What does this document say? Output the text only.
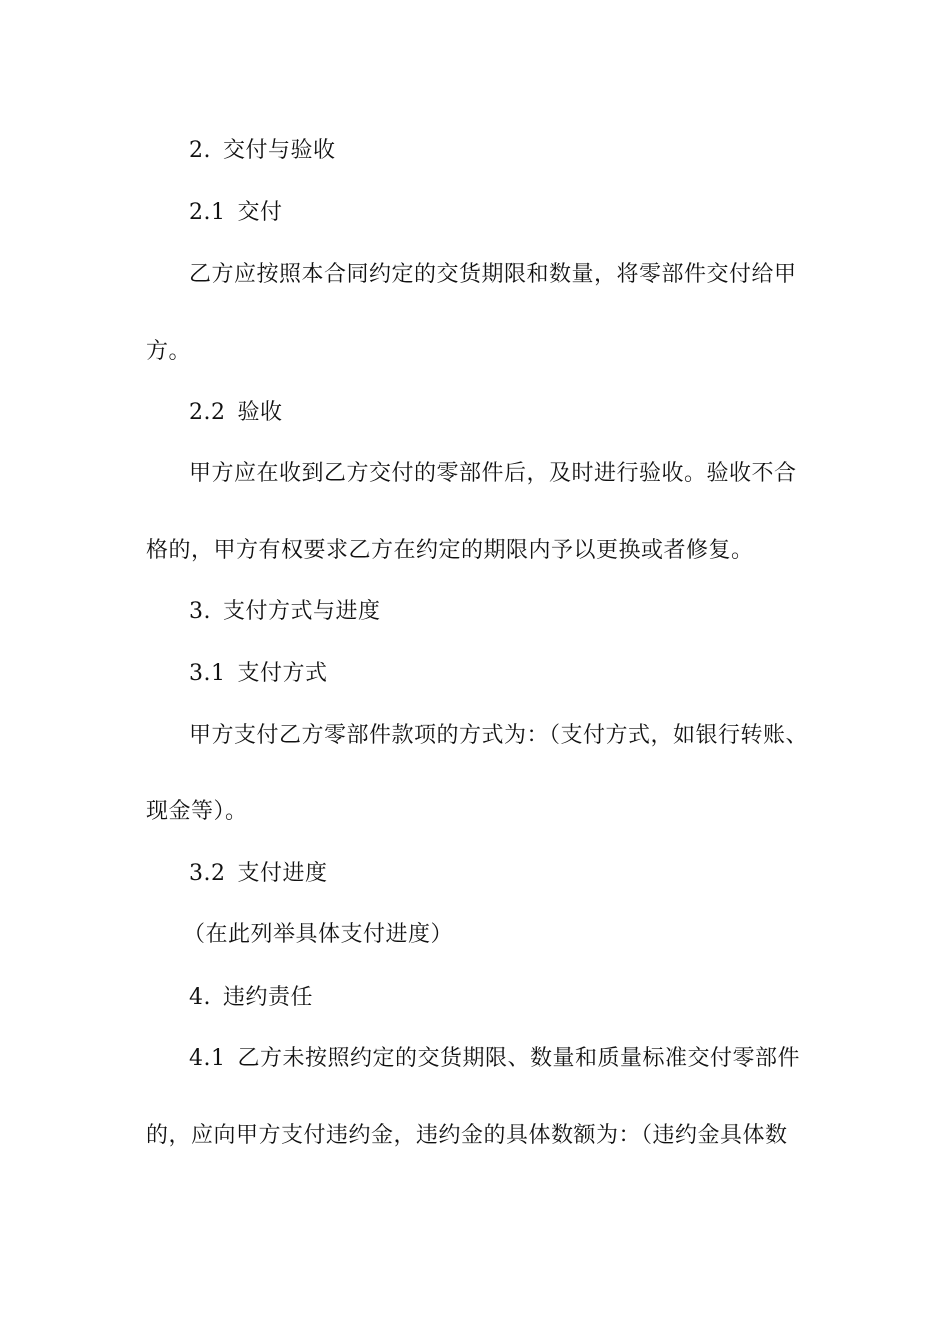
2. 交付与验收
2.1 交付
乙方应按照本合同约定的交货期限和数量，将零部件交付给甲
方。
2.2 验收
甲方应在收到乙方交付的零部件后，及时进行验收。验收不合
格的，甲方有权要求乙方在约定的期限内予以更换或者修复。
3. 支付方式与进度
3.1 支付方式
甲方支付乙方零部件款项的方式为：（支付方式，如银行转账、
现金等）。
3.2 支付进度
（在此列举具体支付进度）
4. 违约责任
4.1 乙方未按照约定的交货期限、数量和质量标准交付零部件
的，应向甲方支付违约金，违约金的具体数额为：（违约金具体数
